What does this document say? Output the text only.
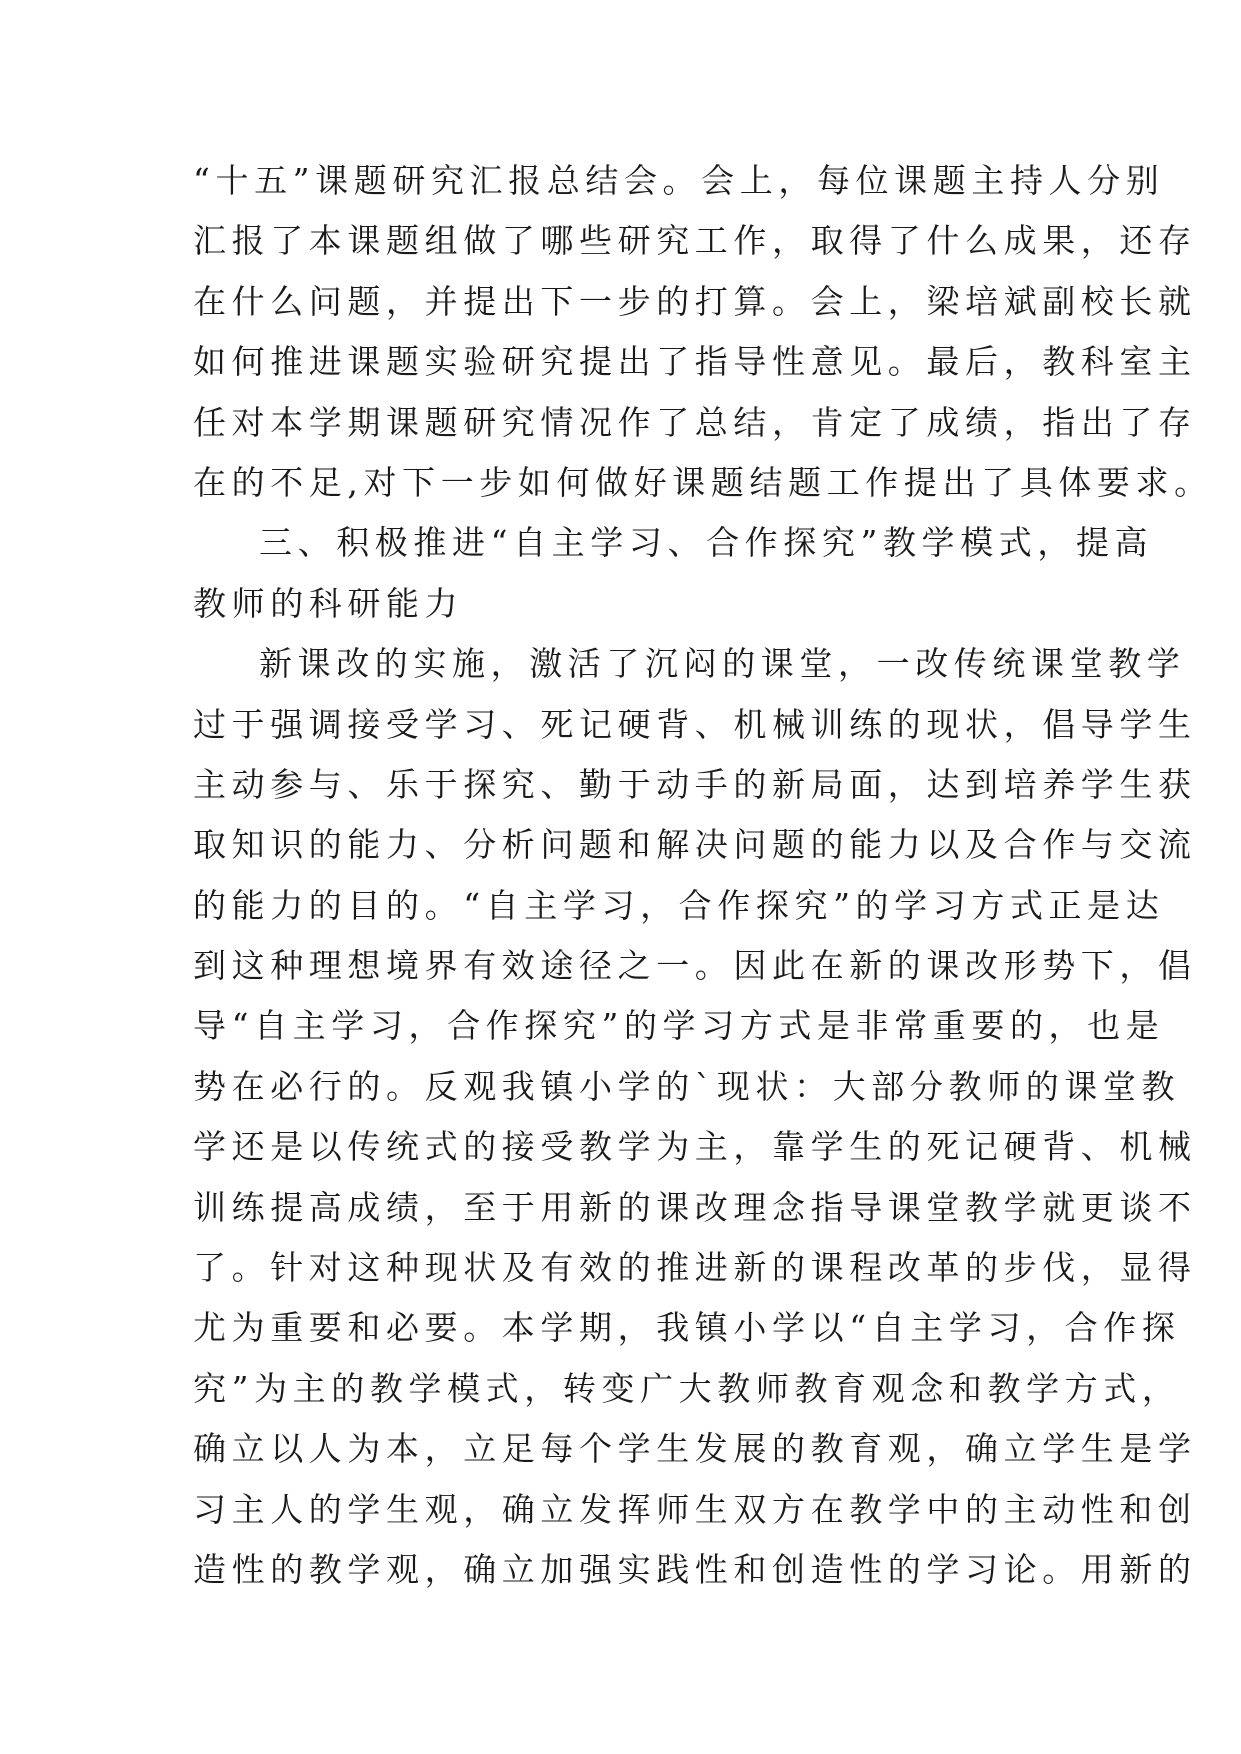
“十五”课题研究汇报总结会。会上，每位课题主持人分别
汇报了本课题组做了哪些研究工作，取得了什么成果，还存
在什么问题，并提出下一步的打算。会上，梁培斌副校长就
如何推进课题实验研究提出了指导性意见。最后，教科室主
任对本学期课题研究情况作了总结，肯定了成绩，指出了存
在的不足,对下一步如何做好课题结题工作提出了具体要求。
三、积极推进“自主学习、合作探究”教学模式，提高
教师的科研能力
新课改的实施，激活了沉闷的课堂，一改传统课堂教学
过于强调接受学习、死记硬背、机械训练的现状，倡导学生
主动参与、乐于探究、勤于动手的新局面，达到培养学生获
取知识的能力、分析问题和解决问题的能力以及合作与交流
的能力的目的。“自主学习，合作探究”的学习方式正是达
到这种理想境界有效途径之一。因此在新的课改形势下，倡
导“自主学习，合作探究”的学习方式是非常重要的，也是
势在必行的。反观我镇小学的`现状：大部分教师的课堂教
学还是以传统式的接受教学为主，靠学生的死记硬背、机械
训练提高成绩，至于用新的课改理念指导课堂教学就更谈不
了。针对这种现状及有效的推进新的课程改革的步伐，显得
尤为重要和必要。本学期，我镇小学以“自主学习，合作探
究”为主的教学模式，转变广大教师教育观念和教学方式，
确立以人为本，立足每个学生发展的教育观，确立学生是学
习主人的学生观，确立发挥师生双方在教学中的主动性和创
造性的教学观，确立加强实践性和创造性的学习论。用新的
